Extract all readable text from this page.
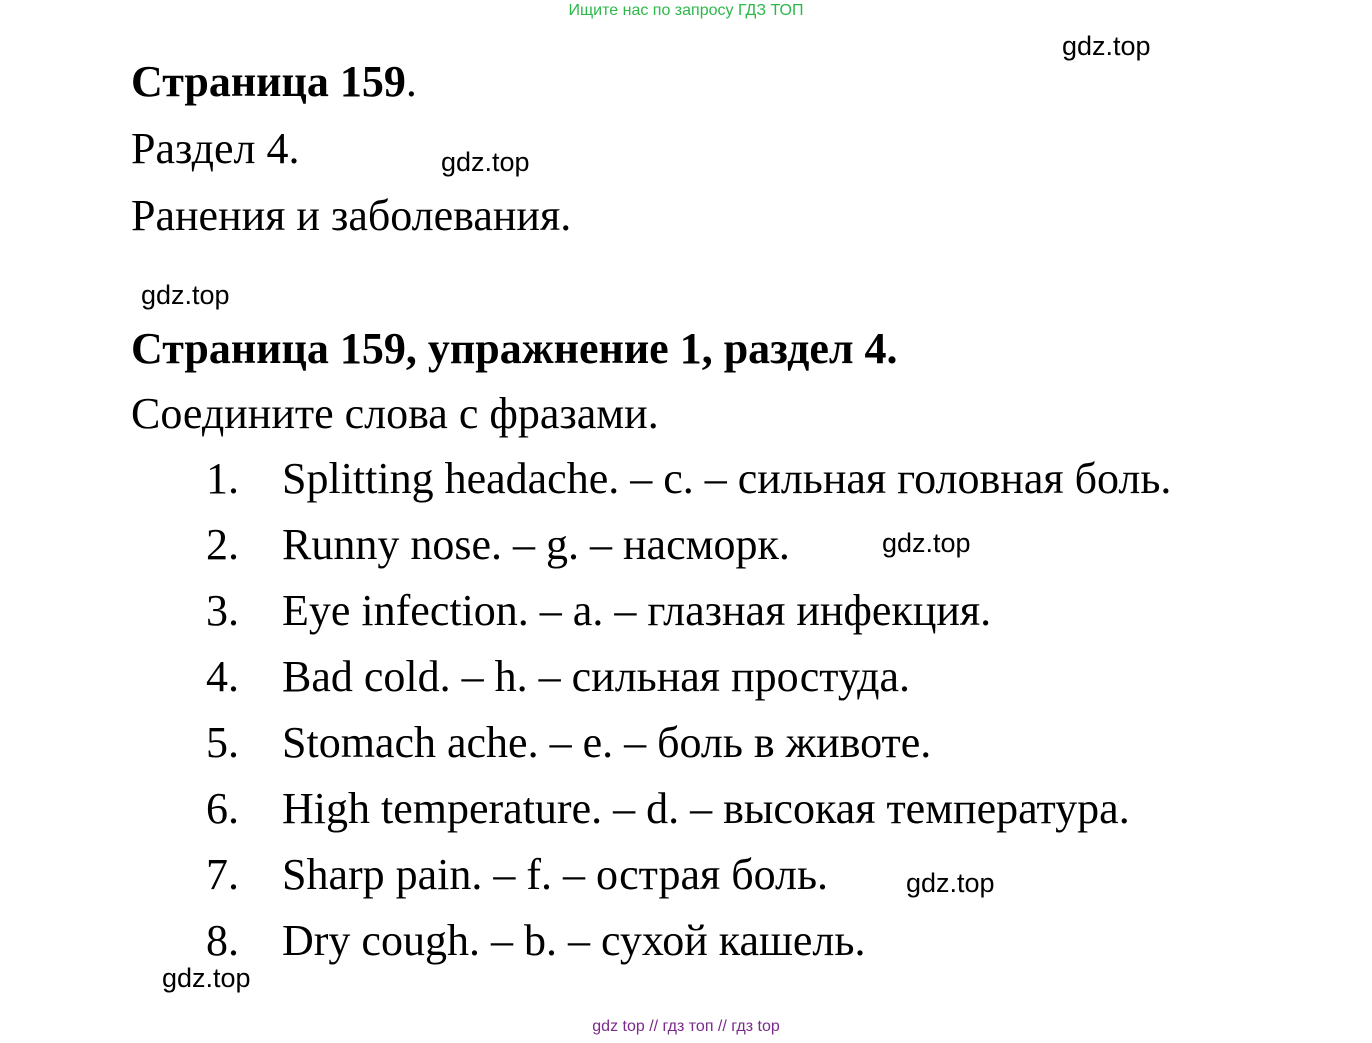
Ищите нас по запросу ГДЗ ТОП
gdz.top
Страница 159.
Раздел 4.	gdz.top
Ранения и заболевания.
gdz.top
Страница 159, упражнение 1, раздел 4.
Соедините слова с фразами.
1. Splitting headache. – c. – сильная головная боль.
2. Runny nose. – g. – насморк.
3. Eye infection. – a. – глазная инфекция.
4. Bad cold. – h. – сильная простуда.
5. Stomach ache. – e. – боль в животе.
6. High temperature. – d. – высокая температура.
7. Sharp pain. – f. – острая боль.
8. Dry cough. – b. – сухой кашель.
gdz.top
gdz.top
gdz.top
gdz top // гдз топ // гдз top
